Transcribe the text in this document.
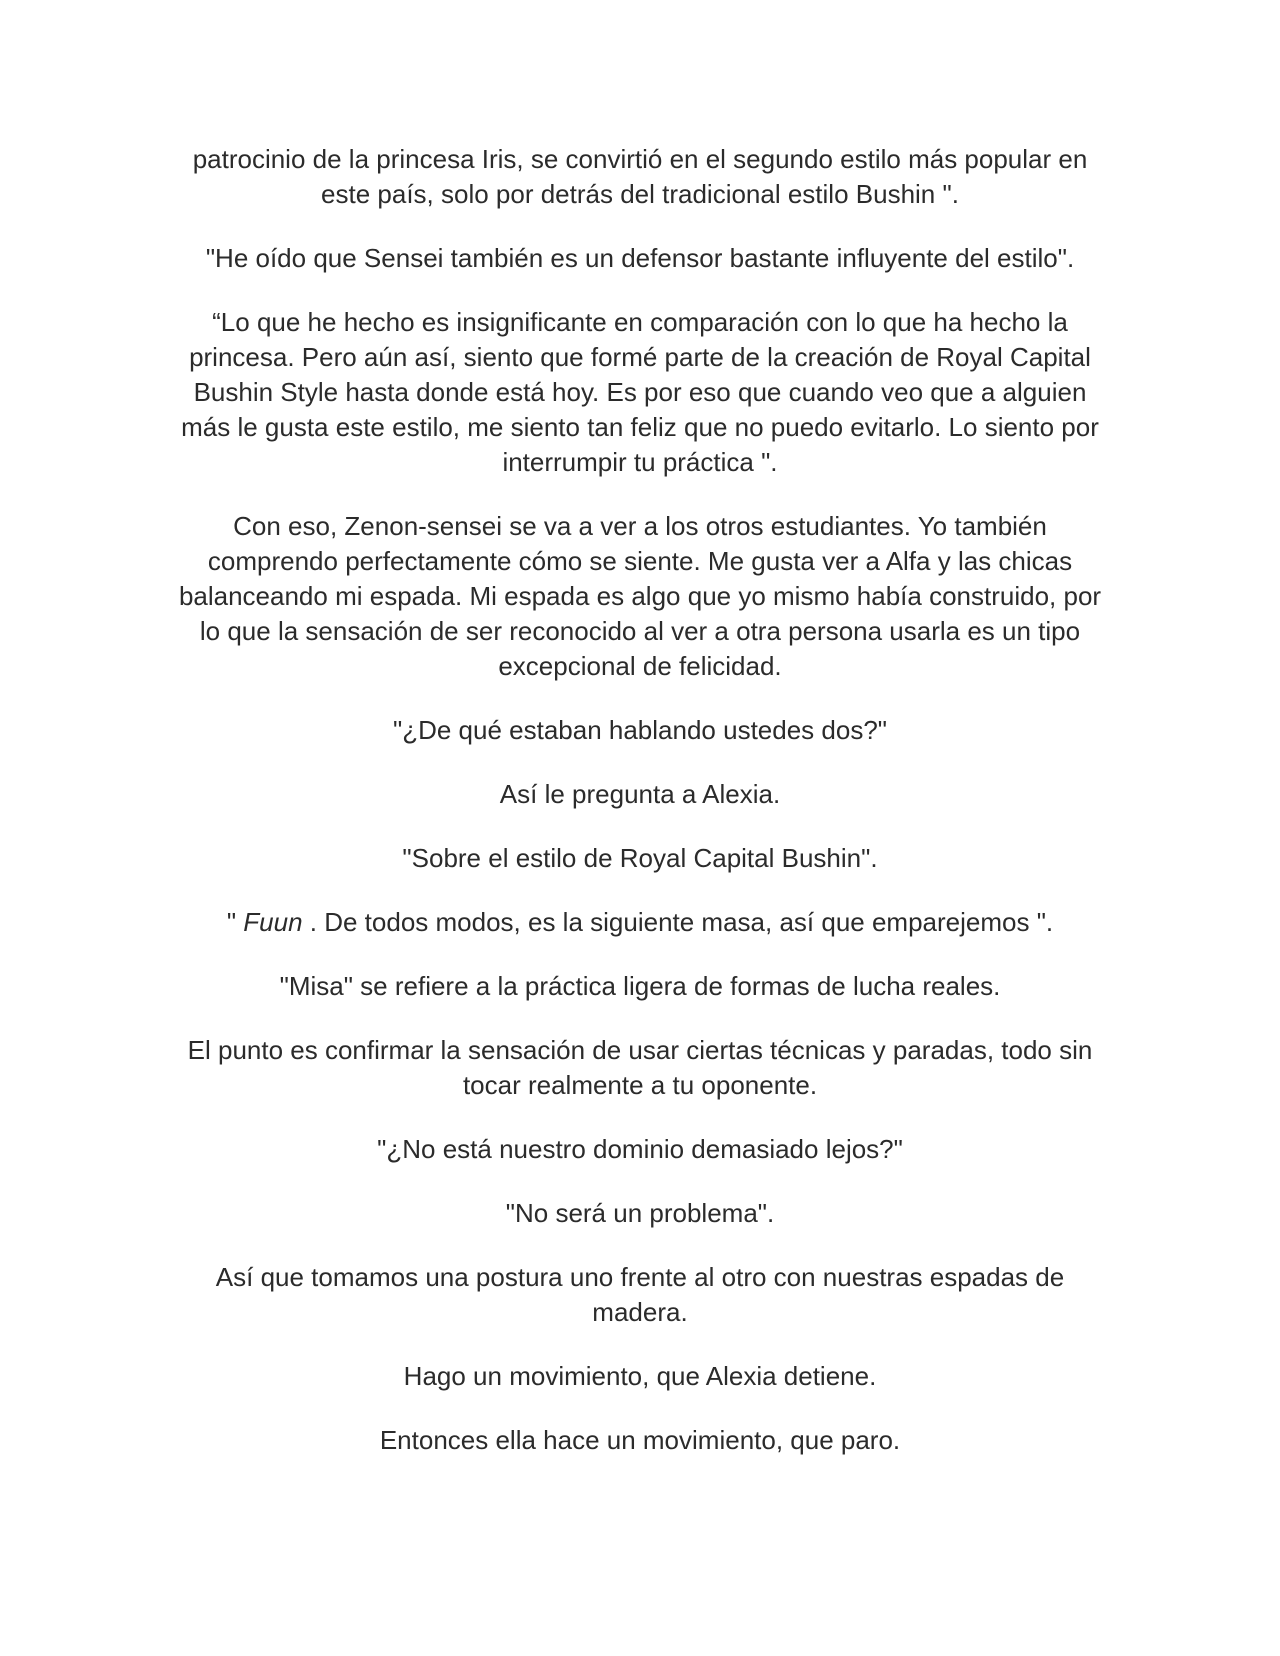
patrocinio de la princesa Iris, se convirtió en el segundo estilo más popular en este país, solo por detrás del tradicional estilo Bushin ".

"He oído que Sensei también es un defensor bastante influyente del estilo".

“Lo que he hecho es insignificante en comparación con lo que ha hecho la princesa. Pero aún así, siento que formé parte de la creación de Royal Capital Bushin Style hasta donde está hoy. Es por eso que cuando veo que a alguien más le gusta este estilo, me siento tan feliz que no puedo evitarlo. Lo siento por interrumpir tu práctica ".

Con eso, Zenon-sensei se va a ver a los otros estudiantes. Yo también comprendo perfectamente cómo se siente. Me gusta ver a Alfa y las chicas balanceando mi espada. Mi espada es algo que yo mismo había construido, por lo que la sensación de ser reconocido al ver a otra persona usarla es un tipo excepcional de felicidad.

"¿De qué estaban hablando ustedes dos?"

Así le pregunta a Alexia.

"Sobre el estilo de Royal Capital Bushin".

" Fuun . De todos modos, es la siguiente masa, así que emparejemos ".

"Misa" se refiere a la práctica ligera de formas de lucha reales.

El punto es confirmar la sensación de usar ciertas técnicas y paradas, todo sin tocar realmente a tu oponente.

"¿No está nuestro dominio demasiado lejos?"

"No será un problema".

Así que tomamos una postura uno frente al otro con nuestras espadas de madera.

Hago un movimiento, que Alexia detiene.

Entonces ella hace un movimiento, que paro.
